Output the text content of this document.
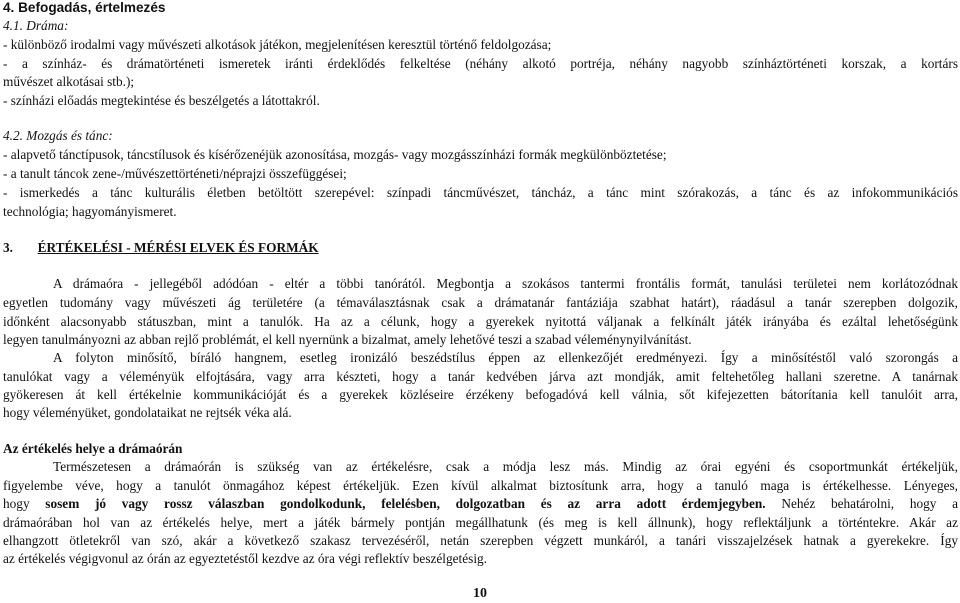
4. Befogadás, értelmezés
4.1. Dráma:
- különböző irodalmi vagy művészeti alkotások játékon, megjelenítésen keresztül történő feldolgozása;
- a színház- és drámatörténeti ismeretek iránti érdeklődés felkeltése (néhány alkotó portréja, néhány nagyobb színháztörténeti korszak, a kortárs
művészet alkotásai stb.);
- színházi előadás megtekintése és beszélgetés a látottakról.
4.2. Mozgás és tánc:
- alapvető tánctípusok, táncstílusok és kísérőzenéjük azonosítása, mozgás- vagy mozgásszínházi formák megkülönböztetése;
- a tanult táncok zene-/művészettörténeti/néprajzi összefüggései;
- ismerkedés a tánc kulturális életben betöltött szerepével: színpadi táncművészet, táncház, a tánc mint szórakozás, a tánc és az infokommunikációs
technológia; hagyományismeret.
3. ÉRTÉKELÉSI - MÉRÉSI ELVEK ÉS FORMÁK
A drámaóra - jellegéből adódóan - eltér a többi tanórától. Megbontja a szokásos tantermi frontális formát, tanulási területei nem korlátozódnak
egyetlen tudomány vagy művészeti ág területére (a témaválasztásnak csak a drámatanár fantáziája szabhat határt), ráadásul a tanár szerepben dolgozik,
időnként alacsonyabb státuszban, mint a tanulók. Ha az a célunk, hogy a gyerekek nyitottá váljanak a felkínált játék irányába és ezáltal lehetőségünk
legyen tanulmányozni az abban rejlő problémát, el kell nyernünk a bizalmat, amely lehetővé teszi a szabad véleménynyilvánítást.
A folyton minősítő, bíráló hangnem, esetleg ironizáló beszédstílus éppen az ellenkezőjét eredményezi. Így a minősítéstől való szorongás a
tanulókat vagy a véleményük elfojtására, vagy arra készteti, hogy a tanár kedvében járva azt mondják, amit feltehetőleg hallani szeretne. A tanárnak
gyökeresen át kell értékelnie kommunikációját és a gyerekek közléseire érzékeny befogadóvá kell válnia, sőt kifejezetten bátorítania kell tanulóit arra,
hogy véleményüket, gondolataikat ne rejtsék véka alá.
Az értékelés helye a drámaórán
Természetesen a drámaórán is szükség van az értékelésre, csak a módja lesz más. Mindig az órai egyéni és csoportmunkát értékeljük,
figyelembe véve, hogy a tanulót önmagához képest értékeljük. Ezen kívül alkalmat biztosítunk arra, hogy a tanuló maga is értékelhesse. Lényeges,
hogy sosem jó vagy rossz válaszban gondolkodunk, felelésben, dolgozatban és az arra adott érdemjegyben. Nehéz behatárolni, hogy a
drámaórában hol van az értékelés helye, mert a játék bármely pontján megállhatunk (és meg is kell állnunk), hogy reflektáljunk a történtekre. Akár az
elhangzott ötletekről van szó, akár a következő szakasz tervezéséről, netán szerepben végzett munkáról, a tanári visszajelzések hatnak a gyerekekre. Így
az értékelés végigvonul az órán az egyeztetéstől kezdve az óra végi reflektív beszélgetésig.
10
